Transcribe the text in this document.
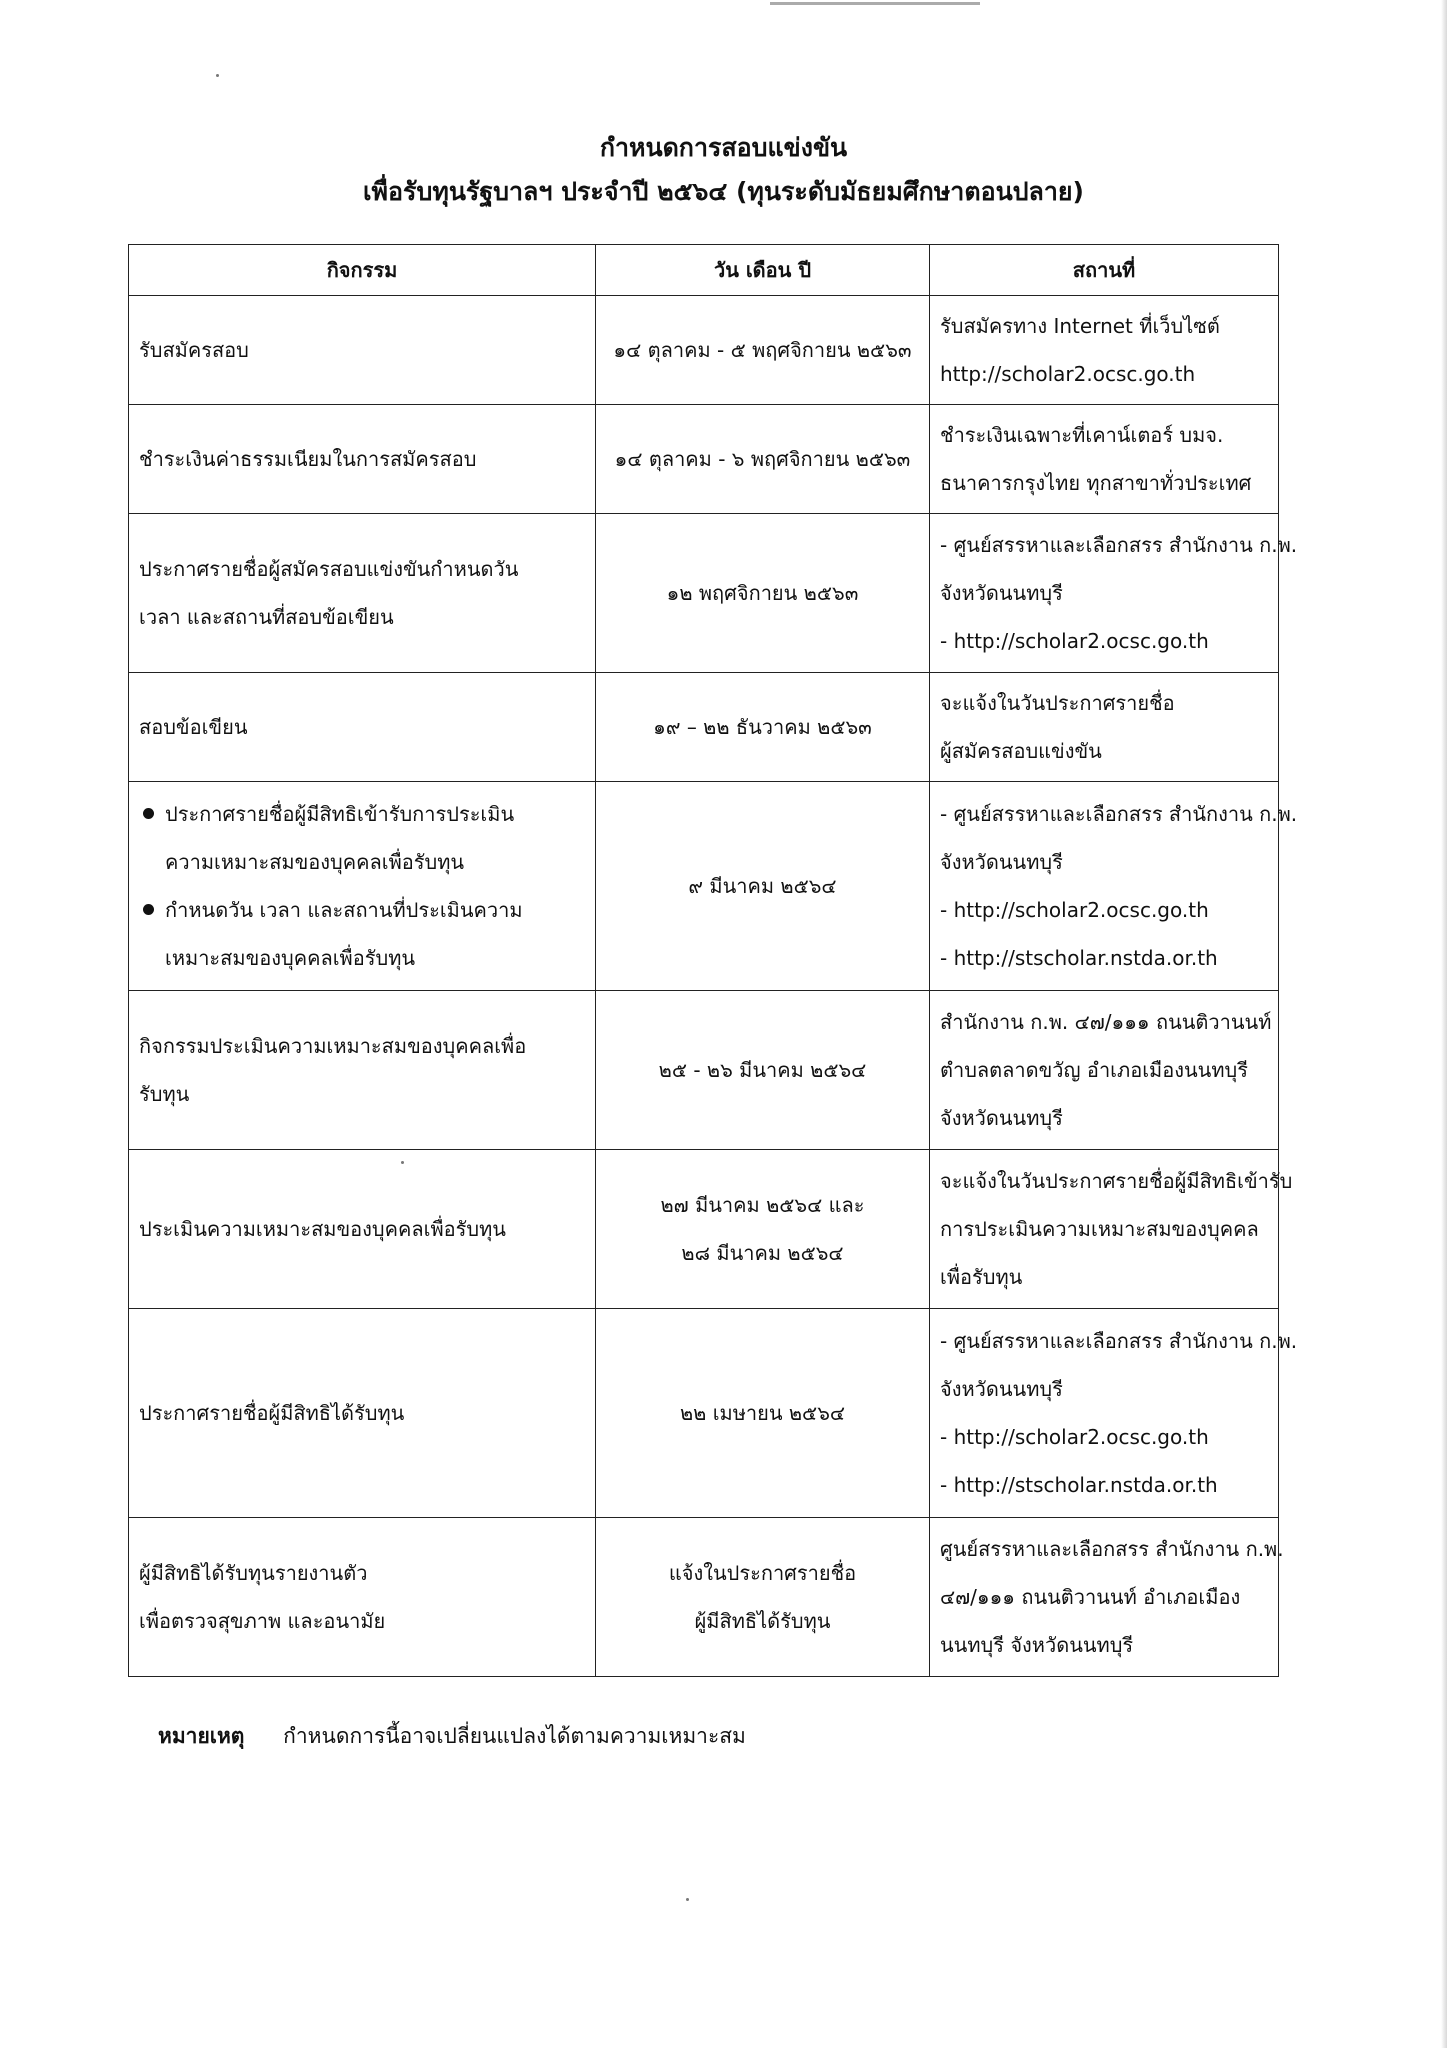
กำหนดการสอบแข่งขัน
เพื่อรับทุนรัฐบาลฯ ประจำปี ๒๕๖๔ (ทุนระดับมัธยมศึกษาตอนปลาย)
กิจกรรม	วัน เดือน ปี	สถานที่

รับสมัครสอบ	๑๔ ตุลาคม - ๕ พฤศจิกายน ๒๕๖๓	รับสมัครทาง Internet ที่เว็บไซต์
http://scholar2.ocsc.go.th

ชำระเงินค่าธรรมเนียมในการสมัครสอบ	๑๔ ตุลาคม - ๖ พฤศจิกายน ๒๕๖๓	ชำระเงินเฉพาะที่เคาน์เตอร์ บมจ.
ธนาคารกรุงไทย ทุกสาขาทั่วประเทศ

ประกาศรายชื่อผู้สมัครสอบแข่งขันกำหนดวัน
เวลา และสถานที่สอบข้อเขียน	๑๒ พฤศจิกายน ๒๕๖๓	- ศูนย์สรรหาและเลือกสรร สำนักงาน ก.พ.
จังหวัดนนทบุรี
- http://scholar2.ocsc.go.th

สอบข้อเขียน	๑๙ – ๒๒ ธันวาคม ๒๕๖๓	จะแจ้งในวันประกาศรายชื่อ
ผู้สมัครสอบแข่งขัน

ประกาศรายชื่อผู้มีสิทธิเข้ารับการประเมิน
ความเหมาะสมของบุคคลเพื่อรับทุน
กำหนดวัน เวลา และสถานที่ประเมินความ
เหมาะสมของบุคคลเพื่อรับทุน	๙ มีนาคม ๒๕๖๔	- ศูนย์สรรหาและเลือกสรร สำนักงาน ก.พ.
จังหวัดนนทบุรี
- http://scholar2.ocsc.go.th
- http://stscholar.nstda.or.th

กิจกรรมประเมินความเหมาะสมของบุคคลเพื่อ
รับทุน	๒๕ - ๒๖ มีนาคม ๒๕๖๔	สำนักงาน ก.พ. ๔๗/๑๑๑ ถนนติวานนท์
ตำบลตลาดขวัญ อำเภอเมืองนนทบุรี
จังหวัดนนทบุรี

ประเมินความเหมาะสมของบุคคลเพื่อรับทุน	๒๗ มีนาคม ๒๕๖๔ และ
๒๘ มีนาคม ๒๕๖๔	จะแจ้งในวันประกาศรายชื่อผู้มีสิทธิเข้ารับ
การประเมินความเหมาะสมของบุคคล
เพื่อรับทุน

ประกาศรายชื่อผู้มีสิทธิได้รับทุน	๒๒ เมษายน ๒๕๖๔	- ศูนย์สรรหาและเลือกสรร สำนักงาน ก.พ.
จังหวัดนนทบุรี
- http://scholar2.ocsc.go.th
- http://stscholar.nstda.or.th

ผู้มีสิทธิได้รับทุนรายงานตัว
เพื่อตรวจสุขภาพ และอนามัย	แจ้งในประกาศรายชื่อ
ผู้มีสิทธิได้รับทุน	ศูนย์สรรหาและเลือกสรร สำนักงาน ก.พ.
๔๗/๑๑๑ ถนนติวานนท์ อำเภอเมือง
นนทบุรี จังหวัดนนทบุรี
หมายเหตุ กำหนดการนี้อาจเปลี่ยนแปลงได้ตามความเหมาะสม
